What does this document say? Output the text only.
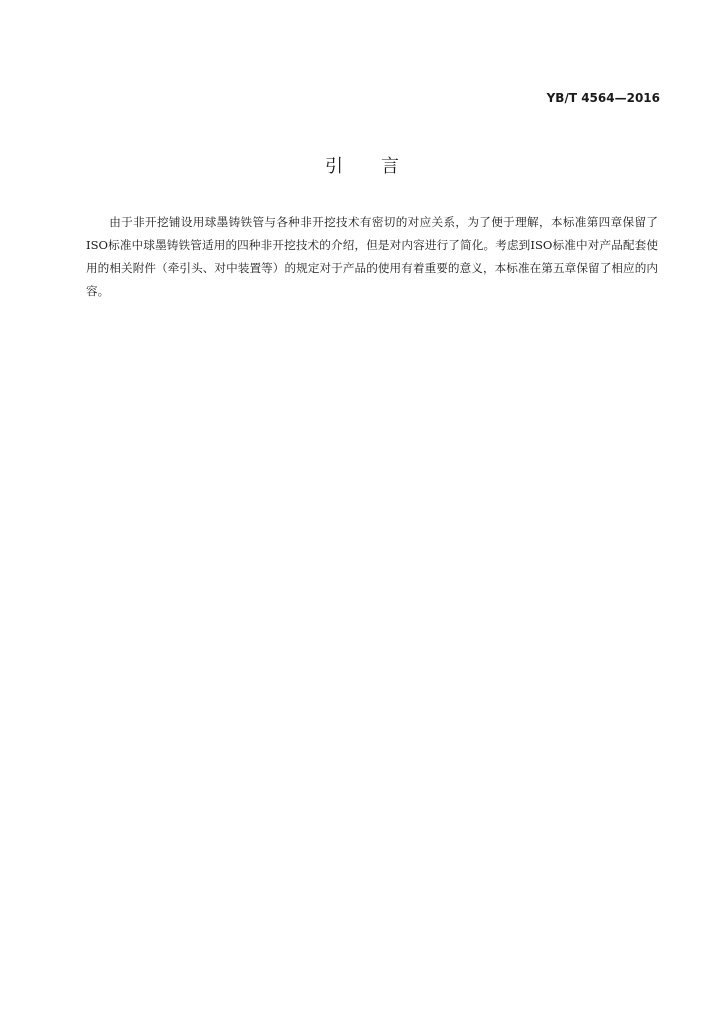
YB/T 4564—2016
引言

由于非开挖铺设用球墨铸铁管与各种非开挖技术有密切的对应关系，为了便于理解，本标准第四章保留了ISO标准中球墨铸铁管适用的四种非开挖技术的介绍，但是对内容进行了简化。考虑到ISO标准中对产品配套使用的相关附件（牵引头、对中装置等）的规定对于产品的使用有着重要的意义，本标准在第五章保留了相应的内容。
